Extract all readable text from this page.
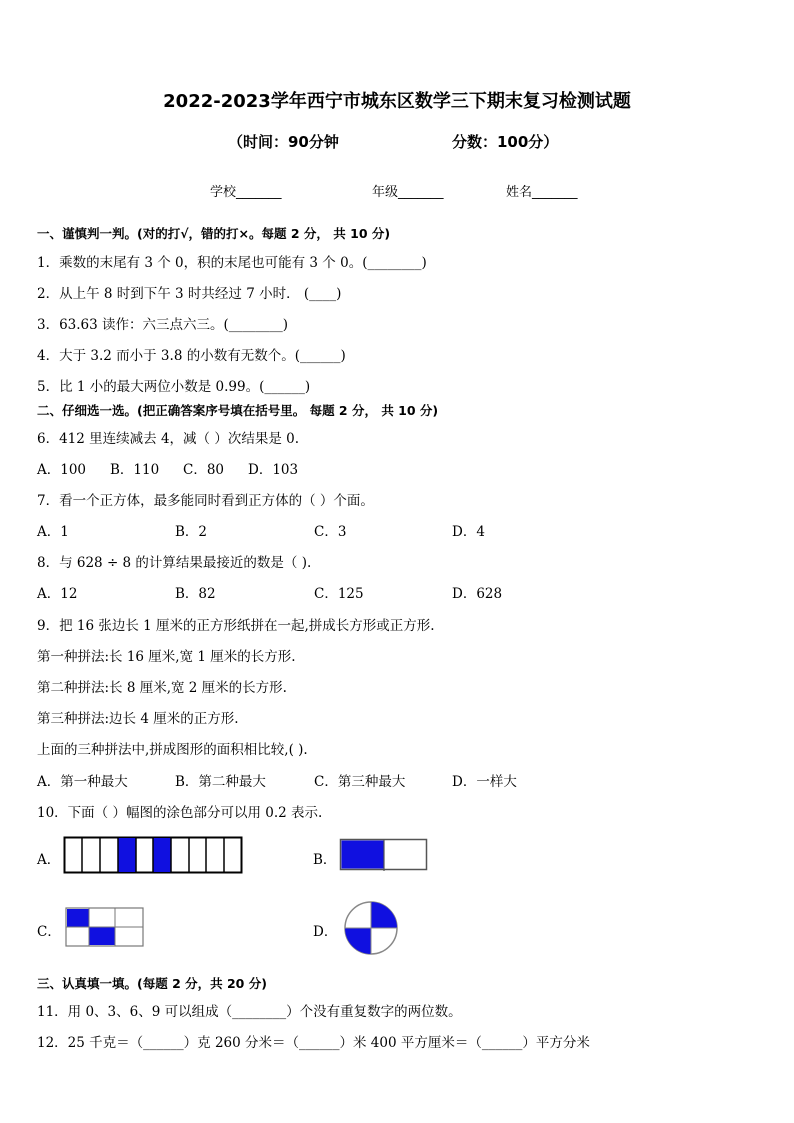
2022-2023学年西宁市城东区数学三下期末复习检测试题
（时间：90分钟	分数：100分）
学校_______	年级_______	姓名_______
一、谨慎判一判。(对的打√，错的打×。每题 2 分， 共 10 分)
1．乘数的末尾有 3 个 0，积的末尾也可能有 3 个 0。(________)
2．从上午 8 时到下午 3 时共经过 7 小时． (____)
3．63.63 读作：六三点六三。(________)
4．大于 3.2 而小于 3.8 的小数有无数个。(______)
5．比 1 小的最大两位小数是 0.99。(______)
二、仔细选一选。(把正确答案序号填在括号里。 每题 2 分， 共 10 分)
6．412 里连续减去 4，减（ ）次结果是 0.
A．100 B．110 C．80 D．103
7．看一个正方体，最多能同时看到正方体的（ ）个面。
A．1	B．2	C．3	D．4
8．与 628 ÷ 8 的计算结果最接近的数是（ ).
A．12	B．82	C．125	D．628
9．把 16 张边长 1 厘米的正方形纸拼在一起,拼成长方形或正方形.
第一种拼法:长 16 厘米,宽 1 厘米的长方形.
第二种拼法:长 8 厘米,宽 2 厘米的长方形.
第三种拼法:边长 4 厘米的正方形.
上面的三种拼法中,拼成图形的面积相比较,( ).
A．第一种最大	B．第二种最大	C．第三种最大	D．一样大
10．下面（ ）幅图的涂色部分可以用 0.2 表示.
A．	B．
C．	D．
三、认真填一填。(每题 2 分，共 20 分)
11．用 0、3、6、9 可以组成（________）个没有重复数字的两位数。
12．25 千克＝（______）克 260 分米＝（______）米 400 平方厘米＝（______）平方分米
